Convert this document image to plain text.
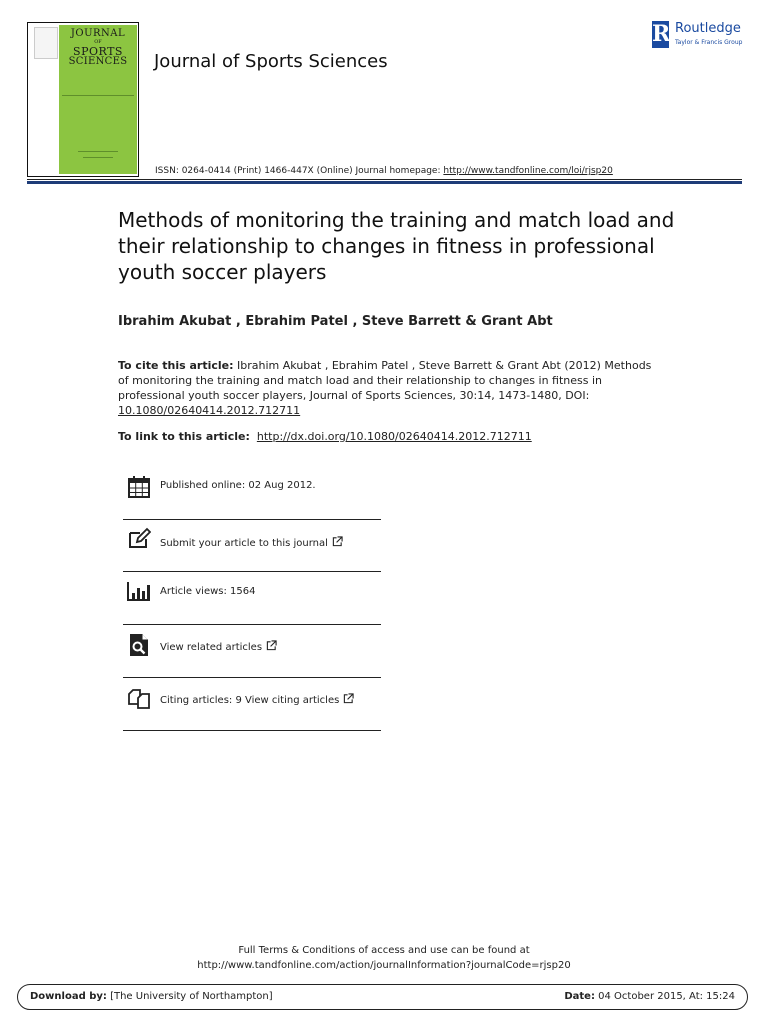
JOURNAL
OF
SPORTS
SCIENCES	Journal of Sports Sciences
R Routledge
Taylor & Francis Group
ISSN: 0264-0414 (Print) 1466-447X (Online) Journal homepage: http://www.tandfonline.com/loi/rjsp20
Methods of monitoring the training and match load and their relationship to changes in fitness in professional youth soccer players
Ibrahim Akubat , Ebrahim Patel , Steve Barrett & Grant Abt
To cite this article: Ibrahim Akubat , Ebrahim Patel , Steve Barrett & Grant Abt (2012) Methods of monitoring the training and match load and their relationship to changes in fitness in professional youth soccer players, Journal of Sports Sciences, 30:14, 1473-1480, DOI: 10.1080/02640414.2012.712711
To link to this article: http://dx.doi.org/10.1080/02640414.2012.712711
Published online: 02 Aug 2012.
Submit your article to this journal
Article views: 1564
View related articles
Citing articles: 9 View citing articles
Full Terms & Conditions of access and use can be found at
http://www.tandfonline.com/action/journalInformation?journalCode=rjsp20
Download by: [The University of Northampton]	Date: 04 October 2015, At: 15:24
